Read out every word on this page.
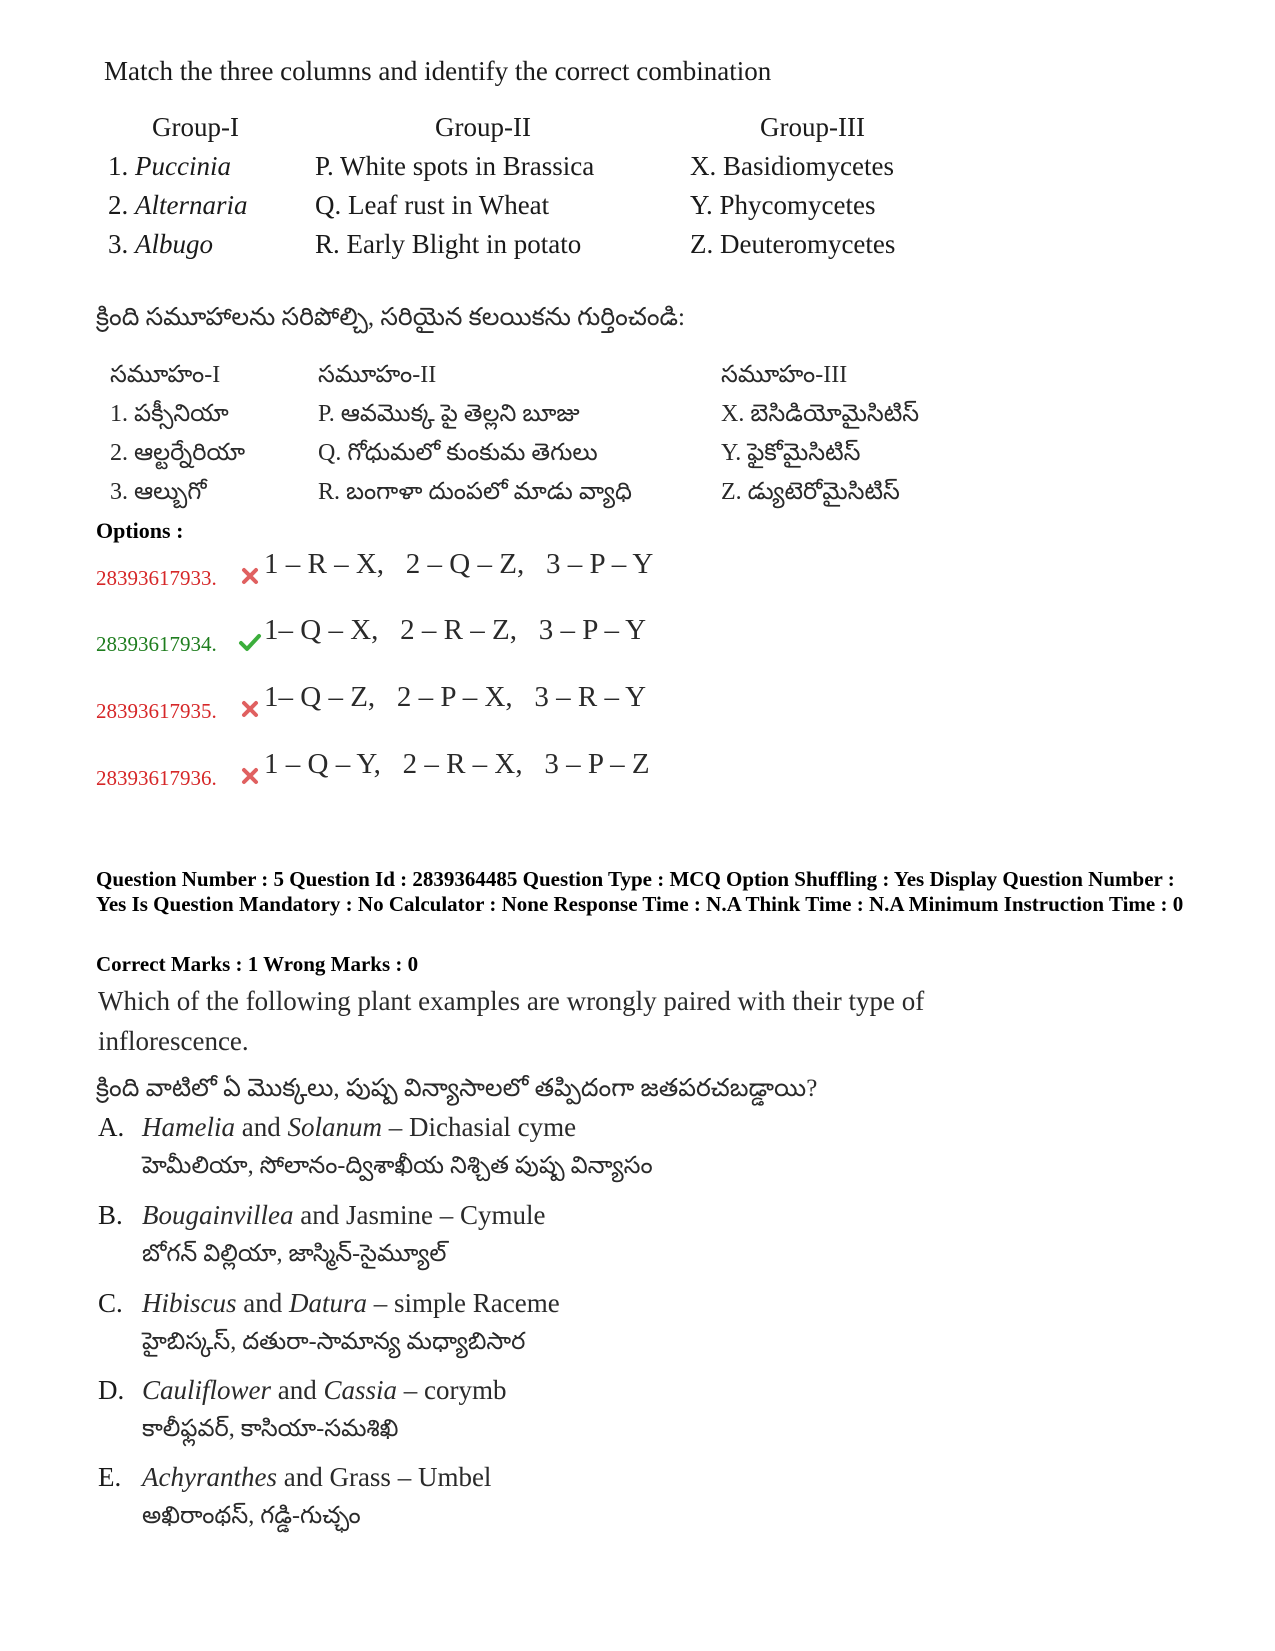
Match the three columns and identify the correct combination
Group-I
1. Puccinia
2. Alternaria
3. Albugo
Group-II
P. White spots in Brassica
Q. Leaf rust in Wheat
R. Early Blight in potato
Group-III
X. Basidiomycetes
Y. Phycomycetes
Z. Deuteromycetes
క్రింది సమూహాలను సరిపోల్చి, సరియైన కలయికను గుర్తించండి:
సమూహం-I
1. పక్సీనియా
2. ఆల్టర్నేరియా
3. ఆల్బుగో
సమూహం-II
P. ఆవమొక్క పై తెల్లని బూజు
Q. గోధుమలో కుంకుమ తెగులు
R. బంగాళా దుంపలో మాడు వ్యాధి
సమూహం-III
X. బెసిడియోమైసిటిస్
Y. ఫైకోమైసిటిస్
Z. డ్యుటెరోమైసిటిస్
Options :
28393617933. 1 – R – X,   2 – Q – Z,   3 – P – Y
28393617934. 1– Q – X,   2 – R – Z,   3 – P – Y
28393617935. 1– Q – Z,   2 – P – X,   3 – R – Y
28393617936. 1 – Q – Y,   2 – R – X,   3 – P – Z
Question Number : 5 Question Id : 2839364485 Question Type : MCQ Option Shuffling : Yes Display Question Number : Yes Is Question Mandatory : No Calculator : None Response Time : N.A Think Time : N.A Minimum Instruction Time : 0
Correct Marks : 1 Wrong Marks : 0
Which of the following plant examples are wrongly paired with their type of inflorescence.
క్రింది వాటిలో ఏ మొక్కలు, పుష్ప విన్యాసాలలో తప్పిదంగా జతపరచబడ్డాయి?
A. Hamelia and Solanum – Dichasial cyme
హెమీలియా, సోలానం-ద్విశాఖీయ నిశ్చిత పుష్ప విన్యాసం
B. Bougainvillea and Jasmine – Cymule
బోగన్ విల్లియా, జాస్మిన్-సైమ్యూల్
C. Hibiscus and Datura – simple Raceme
హైబిస్కస్, దతురా-సామాన్య మధ్యాబిసార
D. Cauliflower and Cassia – corymb
కాలీఫ్లవర్, కాసియా-సమశిఖి
E. Achyranthes and Grass – Umbel
అఖిరాంథస్, గడ్డి-గుచ్ఛం
